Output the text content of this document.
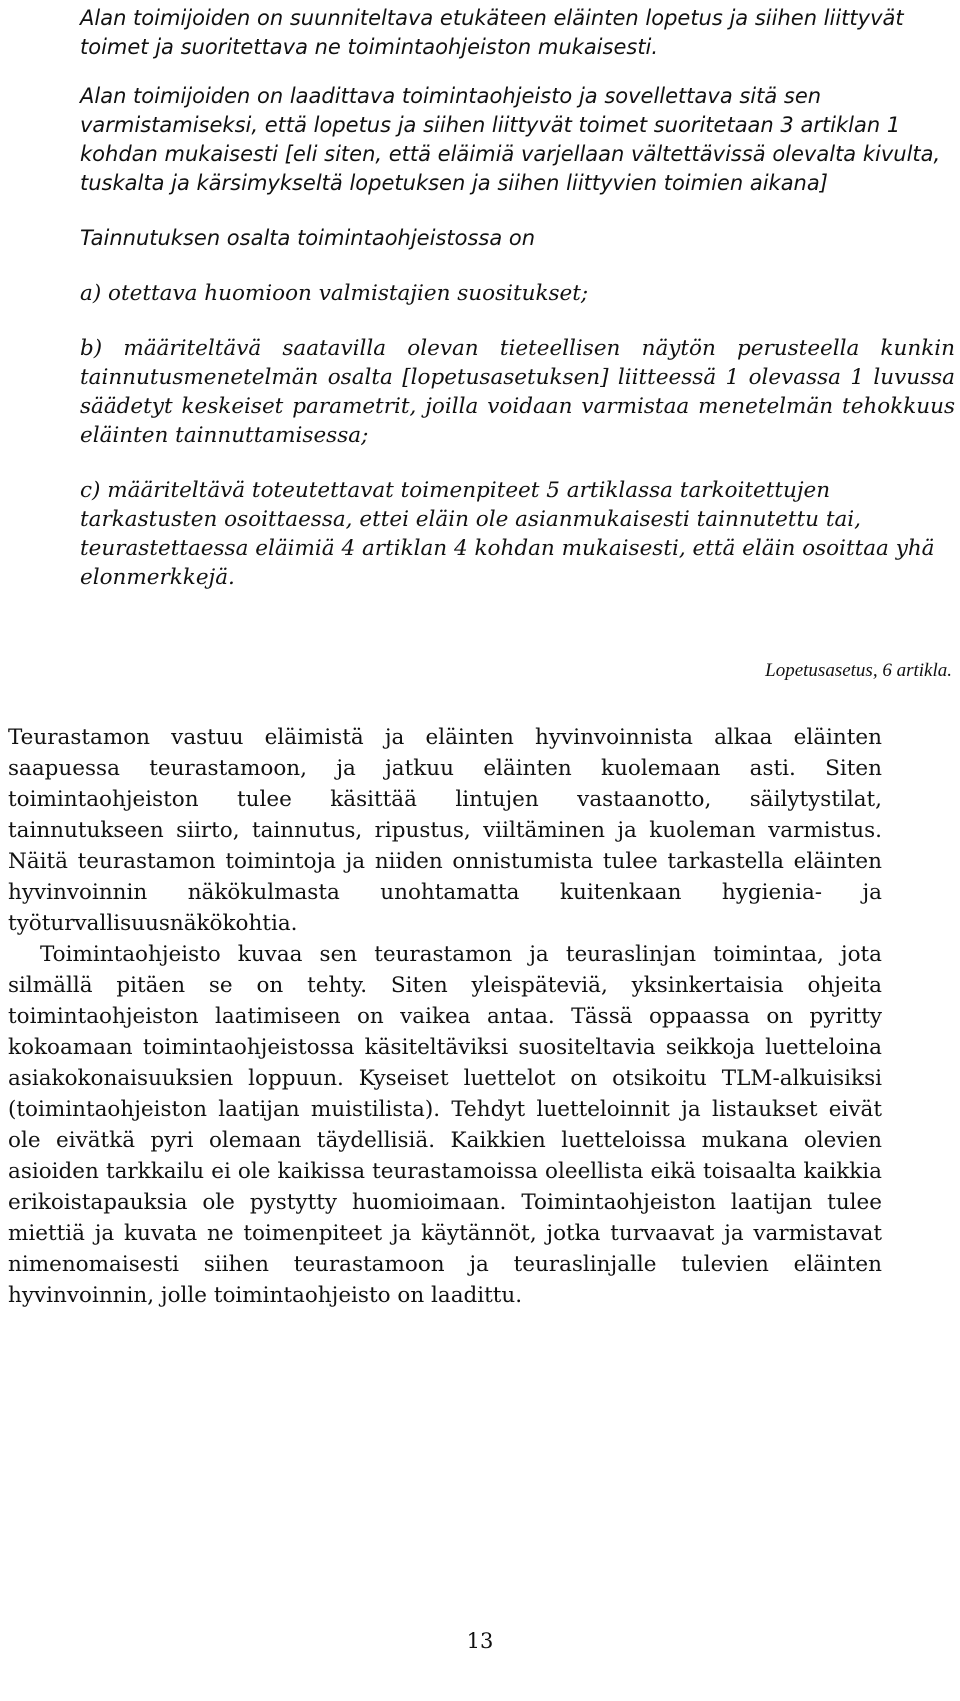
Alan toimijoiden on suunniteltava etukäteen eläinten lopetus ja siihen liittyvät toimet ja suoritettava ne toimintaohjeiston mukaisesti.

Alan toimijoiden on laadittava toimintaohjeisto ja sovellettava sitä sen varmistamiseksi, että lopetus ja siihen liittyvät toimet suoritetaan 3 artiklan 1 kohdan mukaisesti [eli siten, että eläimiä varjellaan vältettävissä olevalta kivulta, tuskalta ja kärsimykseltä lopetuksen ja siihen liittyvien toimien aikana]

Tainnutuksen osalta toimintaohjeistossa on

a) otettava huomioon valmistajien suositukset;

b) määriteltävä saatavilla olevan tieteellisen näytön perusteella kunkin tainnutusmenetelmän osalta [lopetusasetuksen] liitteessä 1 olevassa 1 luvussa säädetyt keskeiset parametrit, joilla voidaan varmistaa menetelmän tehokkuus eläinten tainnuttamisessa;

c) määriteltävä toteutettavat toimenpiteet 5 artiklassa tarkoitettujen tarkastusten osoittaessa, ettei eläin ole asianmukaisesti tainnutettu tai, teurastettaessa eläimiä 4 artiklan 4 kohdan mukaisesti, että eläin osoittaa yhä elonmerkkejä.

Lopetusasetus, 6 artikla.

Teurastamon vastuu eläimistä ja eläinten hyvinvoinnista alkaa eläinten saapuessa teurastamoon, ja jatkuu eläinten kuolemaan asti. Siten toimintaohjeiston tulee käsittää lintujen vastaanotto, säilytystilat, tainnutukseen siirto, tainnutus, ripustus, viiltäminen ja kuoleman varmistus. Näitä teurastamon toimintoja ja niiden onnistumista tulee tarkastella eläinten hyvinvoinnin näkökulmasta unohtamatta kuitenkaan hygienia- ja työturvallisuusnäkökohtia.

Toimintaohjeisto kuvaa sen teurastamon ja teuraslinjan toimintaa, jota silmällä pitäen se on tehty. Siten yleispäteviä, yksinkertaisia ohjeita toimintaohjeiston laatimiseen on vaikea antaa. Tässä oppaassa on pyritty kokoamaan toimintaohjeistossa käsiteltäviksi suositeltavia seikkoja luetteloina asiakokonaisuuksien loppuun. Kyseiset luettelot on otsikoitu TLM-alkuisiksi (toimintaohjeiston laatijan muistilista). Tehdyt luetteloinnit ja listaukset eivät ole eivätkä pyri olemaan täydellisiä. Kaikkien luetteloissa mukana olevien asioiden tarkkailu ei ole kaikissa teurastamoissa oleellista eikä toisaalta kaikkia erikoistapauksia ole pystytty huomioimaan. Toimintaohjeiston laatijan tulee miettiä ja kuvata ne toimenpiteet ja käytännöt, jotka turvaavat ja varmistavat nimenomaisesti siihen teurastamoon ja teuraslinjalle tulevien eläinten hyvinvoinnin, jolle toimintaohjeisto on laadittu.

13
